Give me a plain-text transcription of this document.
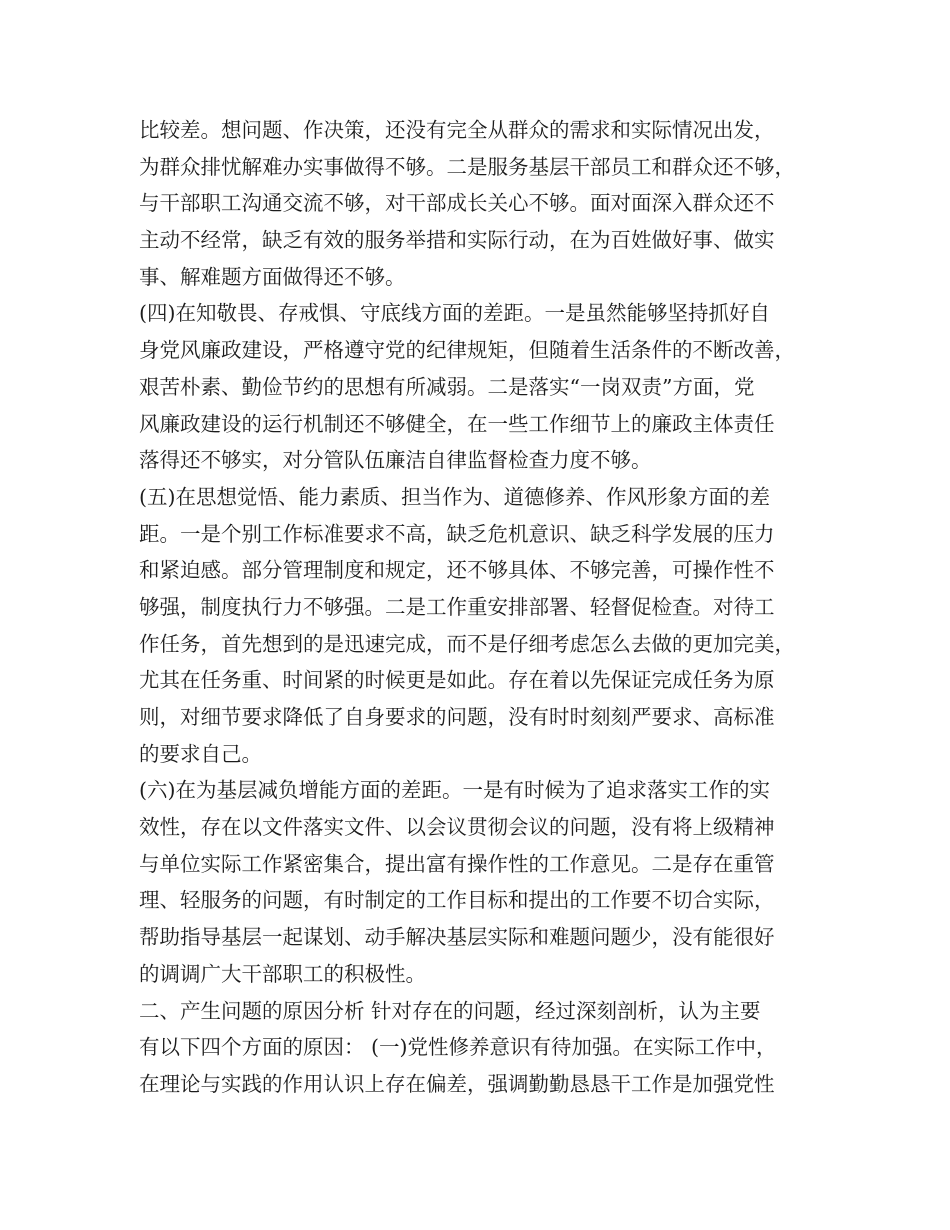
比较差。想问题、作决策，还没有完全从群众的需求和实际情况出发，
为群众排忧解难办实事做得不够。二是服务基层干部员工和群众还不够，
与干部职工沟通交流不够，对干部成长关心不够。面对面深入群众还不
主动不经常，缺乏有效的服务举措和实际行动，在为百姓做好事、做实
事、解难题方面做得还不够。
(四)在知敬畏、存戒惧、守底线方面的差距。一是虽然能够坚持抓好自
身党风廉政建设，严格遵守党的纪律规矩，但随着生活条件的不断改善，
艰苦朴素、勤俭节约的思想有所减弱。二是落实“一岗双责”方面，党
风廉政建设的运行机制还不够健全，在一些工作细节上的廉政主体责任
落得还不够实，对分管队伍廉洁自律监督检查力度不够。
(五)在思想觉悟、能力素质、担当作为、道德修养、作风形象方面的差
距。一是个别工作标准要求不高，缺乏危机意识、缺乏科学发展的压力
和紧迫感。部分管理制度和规定，还不够具体、不够完善，可操作性不
够强，制度执行力不够强。二是工作重安排部署、轻督促检查。对待工
作任务，首先想到的是迅速完成，而不是仔细考虑怎么去做的更加完美，
尤其在任务重、时间紧的时候更是如此。存在着以先保证完成任务为原
则，对细节要求降低了自身要求的问题，没有时时刻刻严要求、高标准
的要求自己。
(六)在为基层减负增能方面的差距。一是有时候为了追求落实工作的实
效性，存在以文件落实文件、以会议贯彻会议的问题，没有将上级精神
与单位实际工作紧密集合，提出富有操作性的工作意见。二是存在重管
理、轻服务的问题，有时制定的工作目标和提出的工作要不切合实际，
帮助指导基层一起谋划、动手解决基层实际和难题问题少，没有能很好
的调调广大干部职工的积极性。
二、产生问题的原因分析 针对存在的问题，经过深刻剖析，认为主要
有以下四个方面的原因： (一)党性修养意识有待加强。在实际工作中，
在理论与实践的作用认识上存在偏差，强调勤勤恳恳干工作是加强党性
